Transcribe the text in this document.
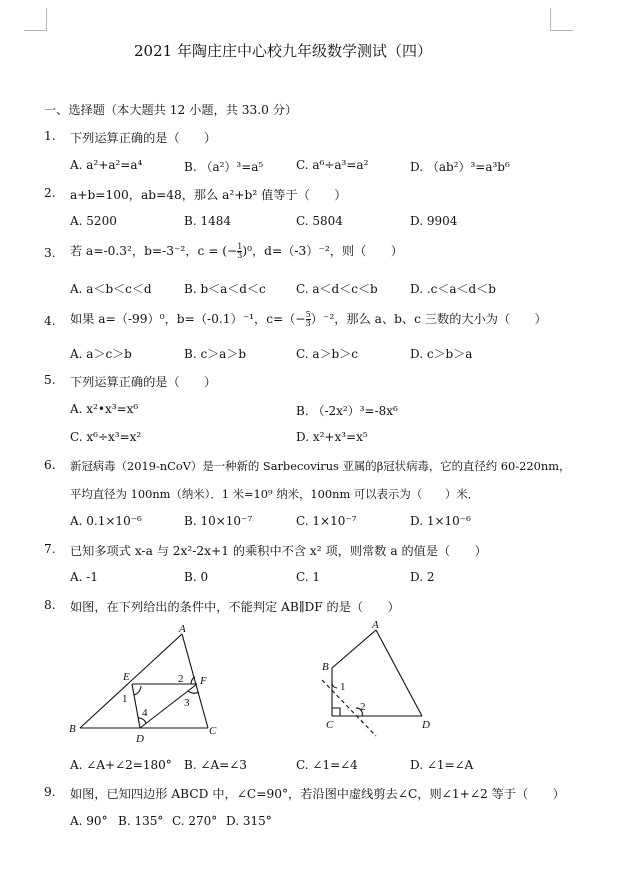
2021 年陶庄庄中心校九年级数学测试（四）
一、选择题（本大题共 12 小题，共 33.0 分）
1. 下列运算正确的是（　　）
A. a²+a²=a⁴	B. （a²）³=a⁵	C. a⁶÷a³=a²	D. （ab²）³=a³b⁶
2. a+b=100，ab=48，那么 a²+b² 值等于（　　）
A. 5200	B. 1484	C. 5804	D. 9904
3. 若 a=-0.3²，b=-3⁻²，c = (− $\frac{1}{3} )^0$，d=（-3）⁻²，则（　　）
A. a＜b＜c＜d	B. b＜a＜d＜c	C. a＜d＜c＜b	D. .c＜a＜d＜b
4. 如果 a=（-99）⁰，b=（-0.1）⁻¹，$c=(- \frac{5}{3} )^{-2}$，那么 a、b、c 三数的大小为（　　）
A. a＞c＞b	B. c＞a＞b	C. a＞b＞c	D. c＞b＞a
5. 下列运算正确的是（　　）
A. x²•x³=x⁶	B. （-2x²）³=-8x⁶
C. x⁶÷x³=x²	D. x²+x³=x⁵
6. 新冠病毒（2019-nCoV）是一种新的 Sarbecovirus 亚属的β冠状病毒，它的直径约 60-220nm，
平均直径为 100nm（纳米）．1 米=10⁹ 纳米，100nm 可以表示为（　　）米．
A. 0.1×10⁻⁶	B. 10×10⁻⁷	C. 1×10⁻⁷	D. 1×10⁻⁶
7. 已知多项式 x-a 与 2x²-2x+1 的乘积中不含 x² 项，则常数 a 的值是（　　）
A. -1	B. 0	C. 1	D. 2
8. 如图，在下列给出的条件中，不能判定 AB∥DF 的是（　　）
A
B	C
D
E	F
1
2
3
4
A
B
C	D
1
2
A. ∠A+∠2=180° B. ∠A=∠3	C. ∠1=∠4	D. ∠1=∠A
9. 如图，已知四边形 ABCD 中，∠C=90°，若沿图中虚线剪去∠C，则∠1+∠2 等于（　　）
A. 90° B. 135° C. 270° D. 315°
